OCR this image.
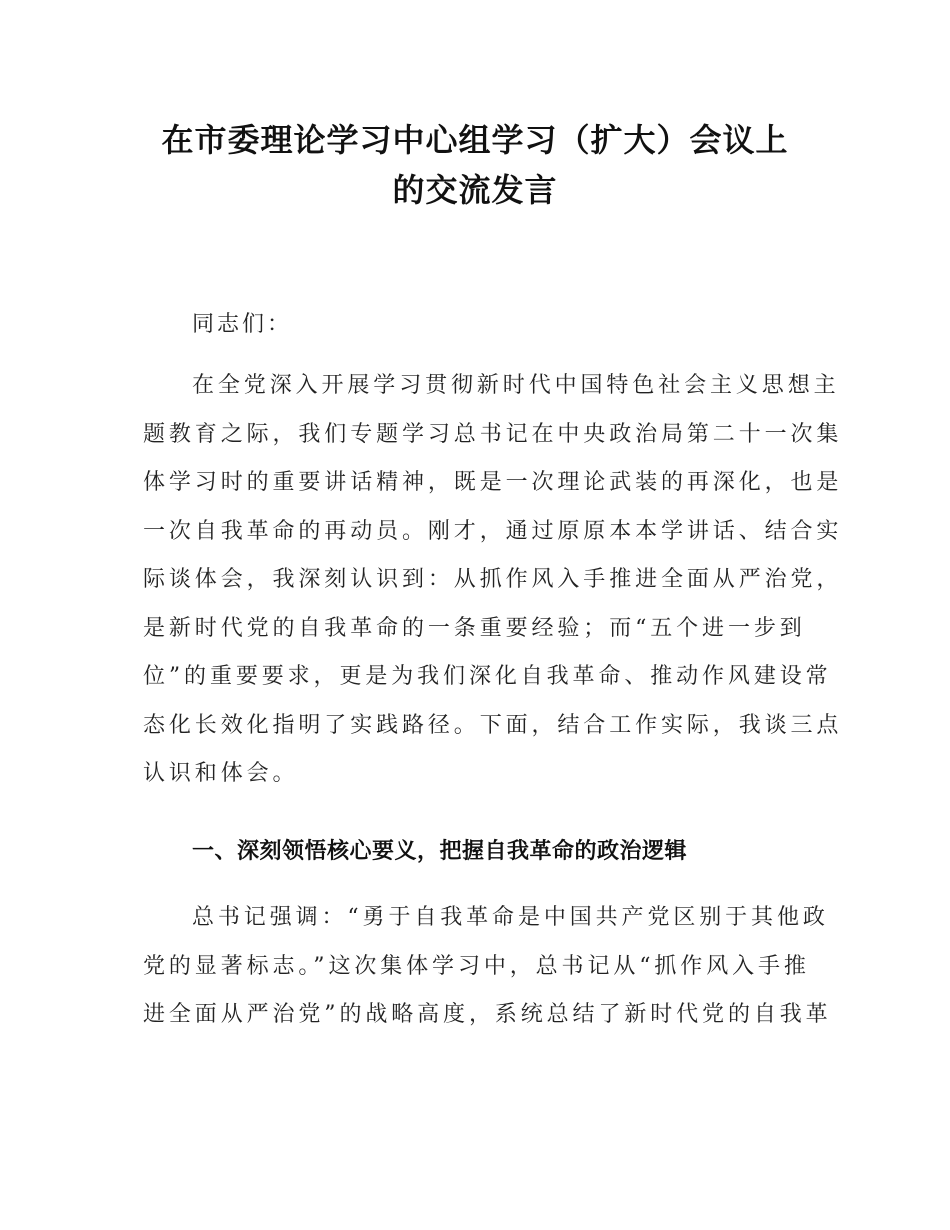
在市委理论学习中心组学习（扩大）会议上
的交流发言
同志们：
在全党深入开展学习贯彻新时代中国特色社会主义思想主
题教育之际，我们专题学习总书记在中央政治局第二十一次集
体学习时的重要讲话精神，既是一次理论武装的再深化，也是
一次自我革命的再动员。刚才，通过原原本本学讲话、结合实
际谈体会，我深刻认识到：从抓作风入手推进全面从严治党，
是新时代党的自我革命的一条重要经验；而“五个进一步到
位”的重要要求，更是为我们深化自我革命、推动作风建设常
态化长效化指明了实践路径。下面，结合工作实际，我谈三点
认识和体会。
一、深刻领悟核心要义，把握自我革命的政治逻辑
总书记强调：“勇于自我革命是中国共产党区别于其他政
党的显著标志。”这次集体学习中，总书记从“抓作风入手推
进全面从严治党”的战略高度，系统总结了新时代党的自我革
